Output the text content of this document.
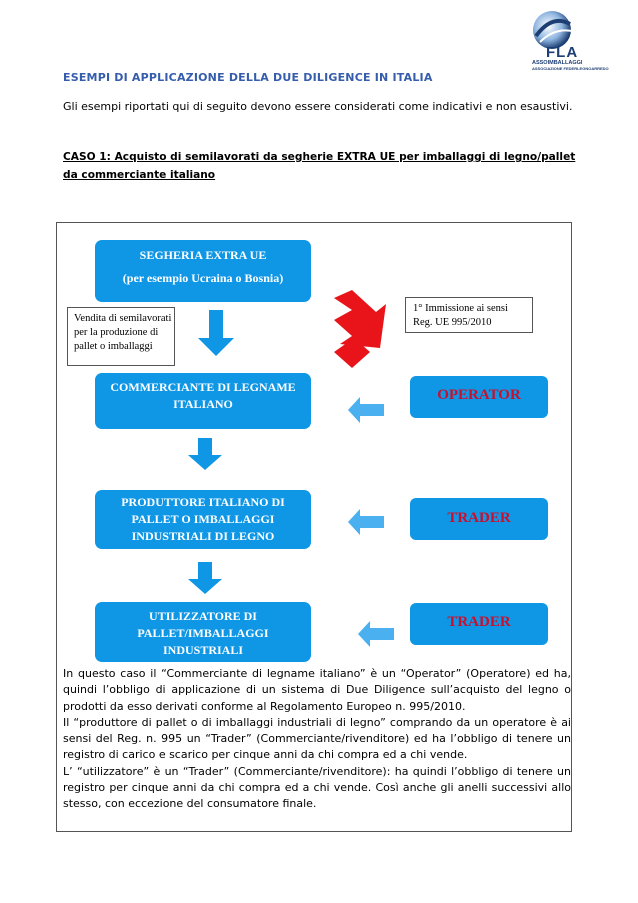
FLA
ASSOIMBALLAGGI
ASSOCIAZIONE FEDERLEGNOARREDO
ESEMPI DI APPLICAZIONE DELLA DUE DILIGENCE IN ITALIA
Gli esempi riportati qui di seguito devono essere considerati come indicativi e non esaustivi.
CASO 1: Acquisto di semilavorati da segherie EXTRA UE per imballaggi di legno/pallet da commerciante italiano
SEGHERIA EXTRA UE
(per esempio Ucraina o Bosnia)
COMMERCIANTE DI LEGNAME
ITALIANO
PRODUTTORE ITALIANO DI
PALLET O IMBALLAGGI
INDUSTRIALI DI LEGNO
UTILIZZATORE DI
PALLET/IMBALLAGGI
INDUSTRIALI
Vendita di semilavorati
per la produzione di
pallet o imballaggi
1° Immissione ai sensi
Reg. UE 995/2010
OPERATOR
TRADER
TRADER

In questo caso il “Commerciante di legname italiano” è un “Operator” (Operatore) ed ha, quindi l’obbligo di applicazione di un sistema di Due Diligence sull’acquisto del legno o prodotti da esso derivati conforme al Regolamento Europeo n. 995/2010.

Il “produttore di pallet o di imballaggi industriali di legno” comprando da un operatore è ai sensi del Reg. n. 995 un “Trader” (Commerciante/rivenditore) ed ha l’obbligo di tenere un registro di carico e scarico per cinque anni da chi compra ed a chi vende.

L’ “utilizzatore” è un “Trader” (Commerciante/rivenditore): ha quindi l’obbligo di tenere un registro per cinque anni da chi compra ed a chi vende. Così anche gli anelli successivi allo stesso, con eccezione del consumatore finale.
